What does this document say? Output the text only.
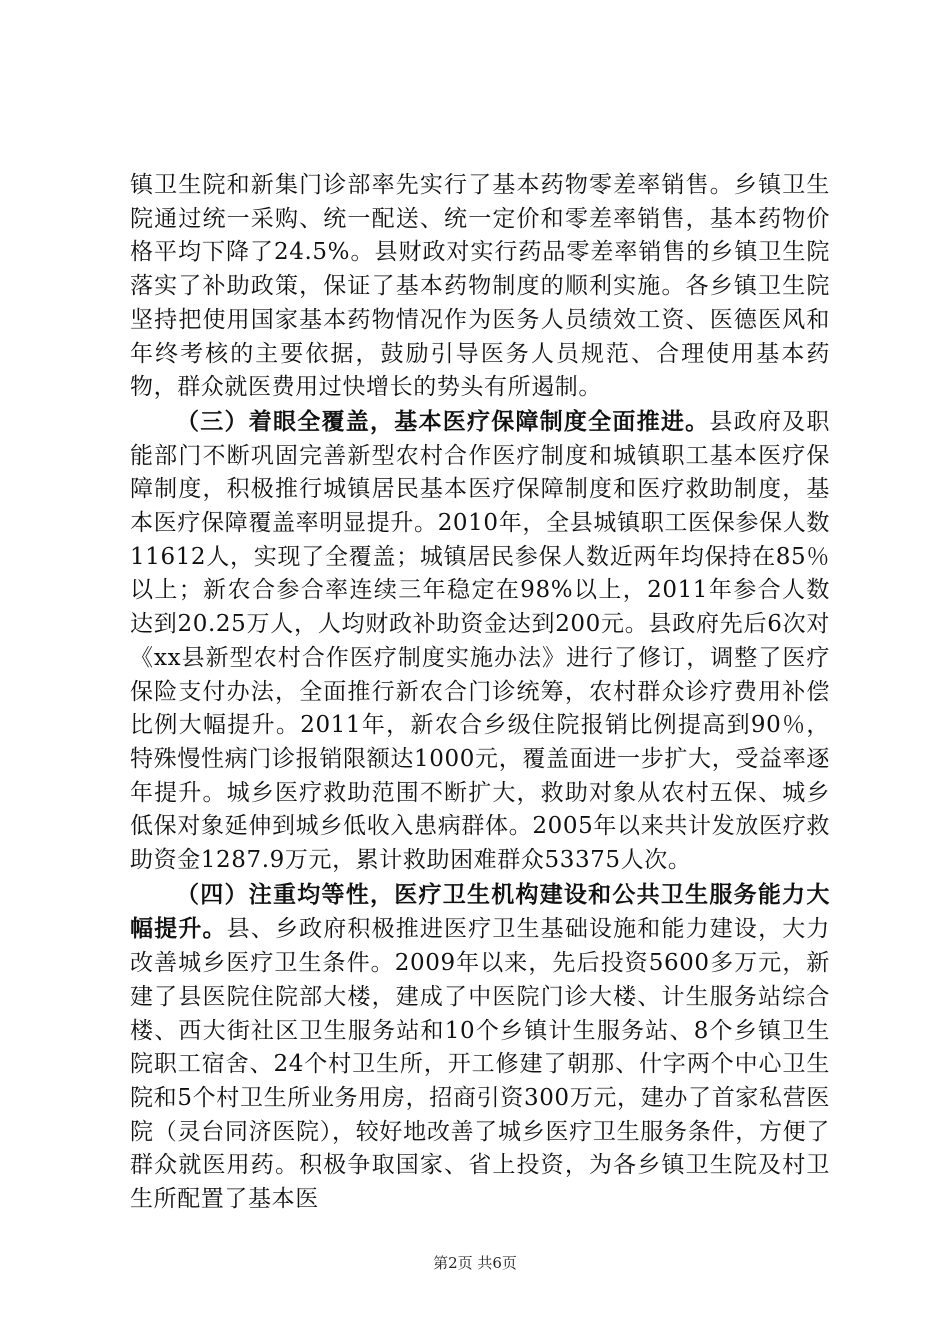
镇卫生院和新集门诊部率先实行了基本药物零差率销售。乡镇卫生院通过统一采购、统一配送、统一定价和零差率销售，基本药物价格平均下降了24.5%。县财政对实行药品零差率销售的乡镇卫生院落实了补助政策，保证了基本药物制度的顺利实施。各乡镇卫生院坚持把使用国家基本药物情况作为医务人员绩效工资、医德医风和年终考核的主要依据，鼓励引导医务人员规范、合理使用基本药物，群众就医费用过快增长的势头有所遏制。

（三）着眼全覆盖，基本医疗保障制度全面推进。县政府及职能部门不断巩固完善新型农村合作医疗制度和城镇职工基本医疗保障制度，积极推行城镇居民基本医疗保障制度和医疗救助制度，基本医疗保障覆盖率明显提升。2010年，全县城镇职工医保参保人数11612人，实现了全覆盖；城镇居民参保人数近两年均保持在85％以上；新农合参合率连续三年稳定在98%以上，2011年参合人数达到20.25万人，人均财政补助资金达到200元。县政府先后6次对《xx县新型农村合作医疗制度实施办法》进行了修订，调整了医疗保险支付办法，全面推行新农合门诊统筹，农村群众诊疗费用补偿比例大幅提升。2011年，新农合乡级住院报销比例提高到90％，特殊慢性病门诊报销限额达1000元，覆盖面进一步扩大，受益率逐年提升。城乡医疗救助范围不断扩大，救助对象从农村五保、城乡低保对象延伸到城乡低收入患病群体。2005年以来共计发放医疗救助资金1287.9万元，累计救助困难群众53375人次。

（四）注重均等性，医疗卫生机构建设和公共卫生服务能力大幅提升。县、乡政府积极推进医疗卫生基础设施和能力建设，大力改善城乡医疗卫生条件。2009年以来，先后投资5600多万元，新建了县医院住院部大楼，建成了中医院门诊大楼、计生服务站综合楼、西大街社区卫生服务站和10个乡镇计生服务站、8个乡镇卫生院职工宿舍、24个村卫生所，开工修建了朝那、什字两个中心卫生院和5个村卫生所业务用房，招商引资300万元，建办了首家私营医院（灵台同济医院），较好地改善了城乡医疗卫生服务条件，方便了群众就医用药。积极争取国家、省上投资，为各乡镇卫生院及村卫生所配置了基本医

第2页 共6页
